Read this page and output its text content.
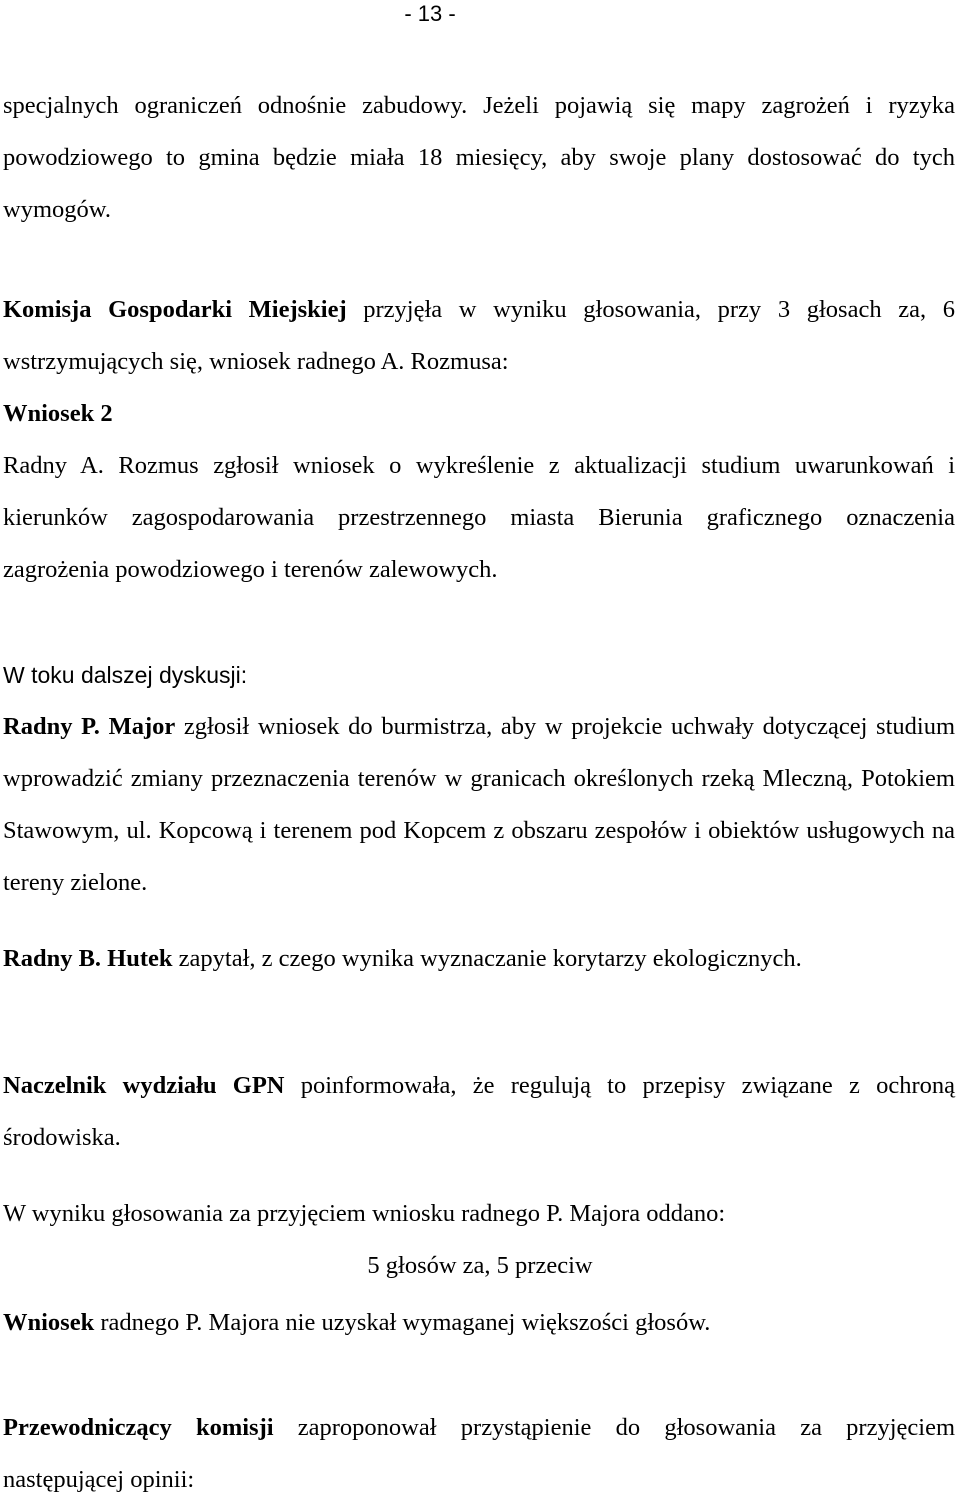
- 13 -
specjalnych ograniczeń odnośnie zabudowy. Jeżeli pojawią się mapy zagrożeń i ryzyka powodziowego to gmina będzie miała 18 miesięcy, aby swoje plany dostosować do tych wymogów.
Komisja Gospodarki Miejskiej przyjęła w wyniku głosowania, przy 3 głosach za, 6 wstrzymujących się, wniosek radnego A. Rozmusa:
Wniosek 2
Radny A. Rozmus zgłosił wniosek o wykreślenie z aktualizacji studium uwarunkowań i kierunków zagospodarowania przestrzennego miasta Bierunia graficznego oznaczenia zagrożenia powodziowego i terenów zalewowych.
W toku dalszej dyskusji:
Radny P. Major zgłosił wniosek do burmistrza, aby w projekcie uchwały dotyczącej studium wprowadzić zmiany przeznaczenia terenów w granicach określonych rzeką Mleczną, Potokiem Stawowym, ul. Kopcową i terenem pod Kopcem z obszaru zespołów i obiektów usługowych na tereny zielone.
Radny B. Hutek zapytał, z czego wynika wyznaczanie korytarzy ekologicznych.
Naczelnik wydziału GPN poinformowała, że regulują to przepisy związane z ochroną środowiska.
W wyniku głosowania za przyjęciem wniosku radnego P. Majora oddano:
5 głosów za, 5 przeciw
Wniosek radnego P. Majora nie uzyskał wymaganej większości głosów.
Przewodniczący komisji zaproponował przystąpienie do głosowania za przyjęciem następującej opinii:
